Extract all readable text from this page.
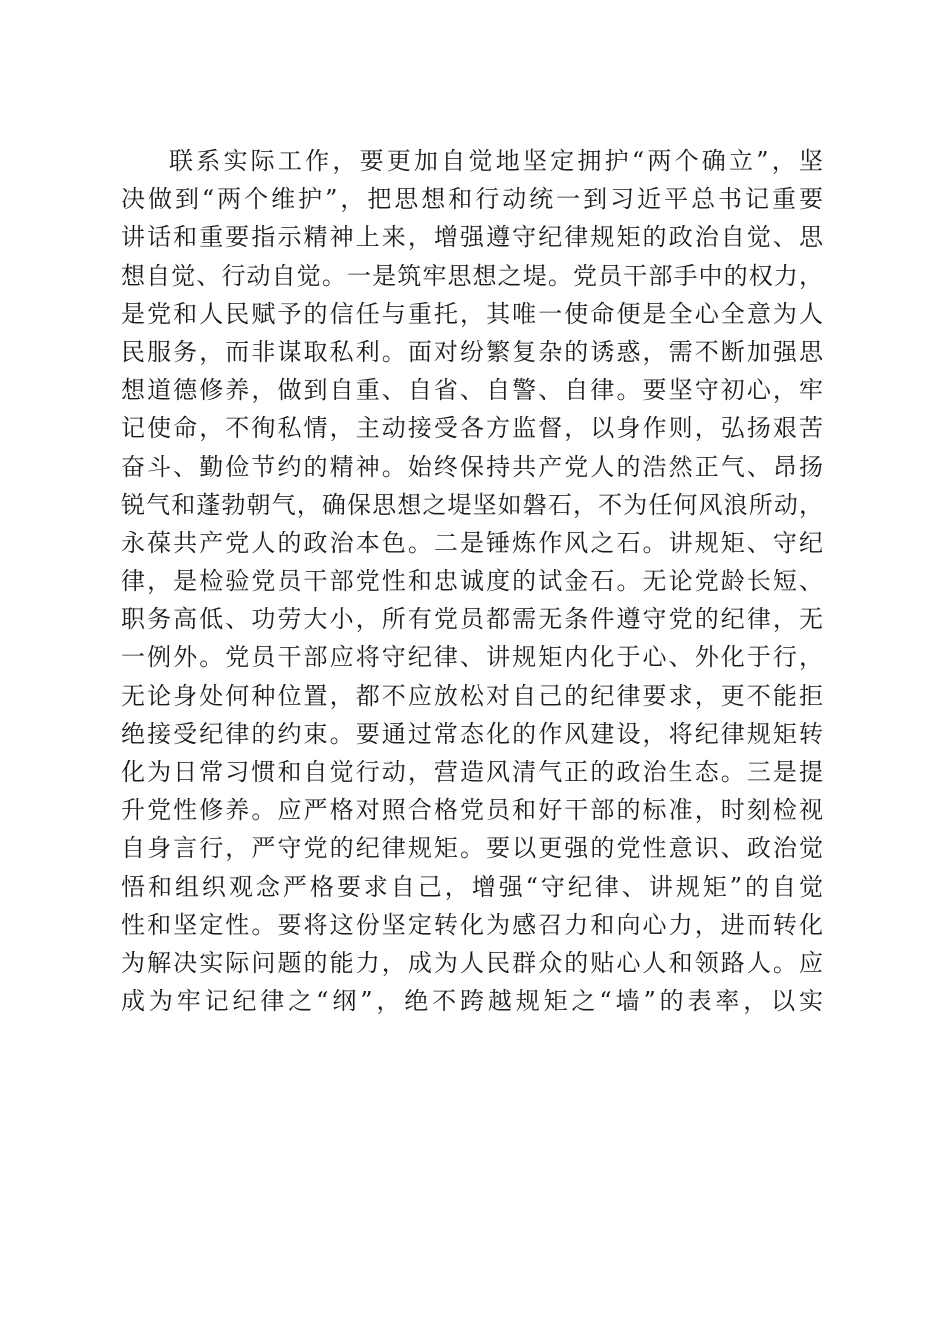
联系实际工作，要更加自觉地坚定拥护“两个确立”，坚
决做到“两个维护”，把思想和行动统一到习近平总书记重要
讲话和重要指示精神上来，增强遵守纪律规矩的政治自觉、思
想自觉、行动自觉。一是筑牢思想之堤。党员干部手中的权力，
是党和人民赋予的信任与重托，其唯一使命便是全心全意为人
民服务，而非谋取私利。面对纷繁复杂的诱惑，需不断加强思
想道德修养，做到自重、自省、自警、自律。要坚守初心，牢
记使命，不徇私情，主动接受各方监督，以身作则，弘扬艰苦
奋斗、勤俭节约的精神。始终保持共产党人的浩然正气、昂扬
锐气和蓬勃朝气，确保思想之堤坚如磐石，不为任何风浪所动，
永葆共产党人的政治本色。二是锤炼作风之石。讲规矩、守纪
律，是检验党员干部党性和忠诚度的试金石。无论党龄长短、
职务高低、功劳大小，所有党员都需无条件遵守党的纪律，无
一例外。党员干部应将守纪律、讲规矩内化于心、外化于行，
无论身处何种位置，都不应放松对自己的纪律要求，更不能拒
绝接受纪律的约束。要通过常态化的作风建设，将纪律规矩转
化为日常习惯和自觉行动，营造风清气正的政治生态。三是提
升党性修养。应严格对照合格党员和好干部的标准，时刻检视
自身言行，严守党的纪律规矩。要以更强的党性意识、政治觉
悟和组织观念严格要求自己，增强“守纪律、讲规矩”的自觉
性和坚定性。要将这份坚定转化为感召力和向心力，进而转化
为解决实际问题的能力，成为人民群众的贴心人和领路人。应
成为牢记纪律之“纲”，绝不跨越规矩之“墙”的表率，以实
